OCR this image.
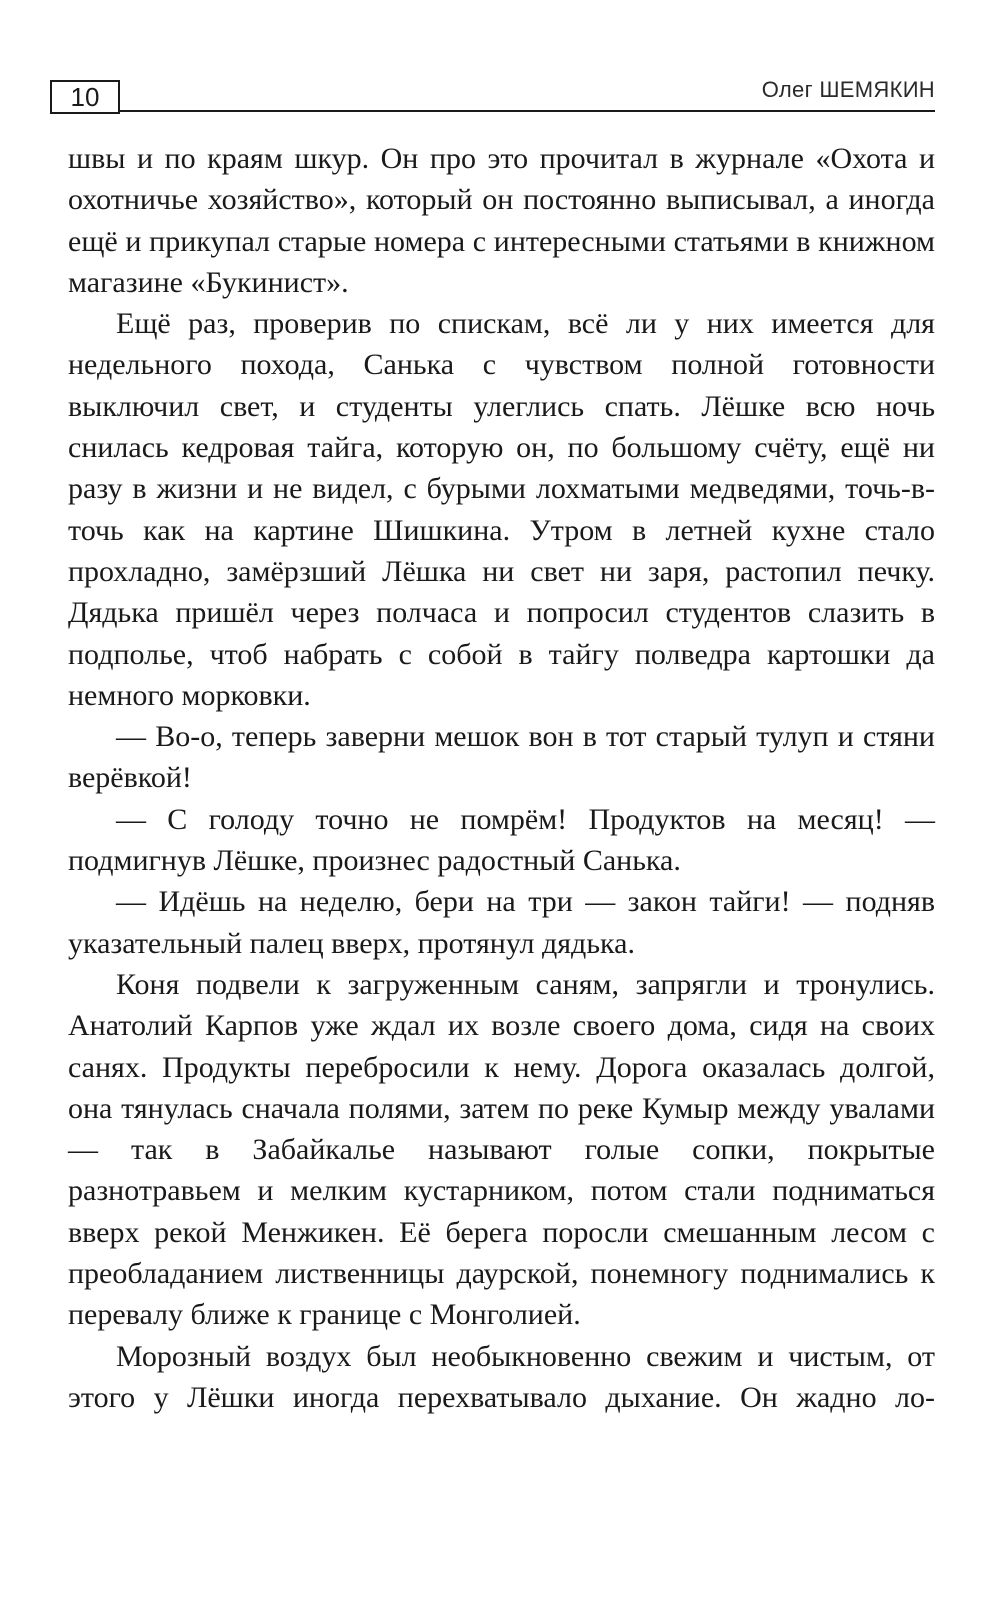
10	Олег ШЕМЯКИН

швы и по краям шкур. Он про это прочитал в журнале «Охота и охотничье хозяйство», который он постоянно выписывал, а иногда ещё и прикупал старые номера с интересными статьями в книжном магазине «Букинист».

Ещё раз, проверив по спискам, всё ли у них имеется для недельного похода, Санька с чувством полной готовности выключил свет, и студенты улеглись спать. Лёшке всю ночь снилась кедровая тайга, которую он, по большому счёту, ещё ни разу в жизни и не видел, с бурыми лохматыми медведями, точь-в-точь как на картине Шишкина. Утром в летней кухне стало прохладно, замёрзший Лёшка ни свет ни заря, растопил печку. Дядька пришёл через полчаса и попросил студентов слазить в подполье, чтоб набрать с собой в тайгу полведра картошки да немного морковки.

— Во-о, теперь заверни мешок вон в тот старый тулуп и стяни верёвкой!

— С голоду точно не помрём! Продуктов на месяц! — подмигнув Лёшке, произнес радостный Санька.

— Идёшь на неделю, бери на три — закон тайги! — подняв указательный палец вверх, протянул дядька.

Коня подвели к загруженным саням, запрягли и тронулись. Анатолий Карпов уже ждал их возле своего дома, сидя на своих санях. Продукты перебросили к нему. Дорога оказалась долгой, она тянулась сначала полями, затем по реке Кумыр между увалами — так в Забайкалье называют голые сопки, покрытые разнотравьем и мелким кустарником, потом стали подниматься вверх рекой Менжикен. Её берега поросли смешанным лесом с преобладанием лиственницы даурской, понемногу поднимались к перевалу ближе к границе с Монголией.

Морозный воздух был необыкновенно свежим и чистым, от этого у Лёшки иногда перехватывало дыхание. Он жадно ло-
